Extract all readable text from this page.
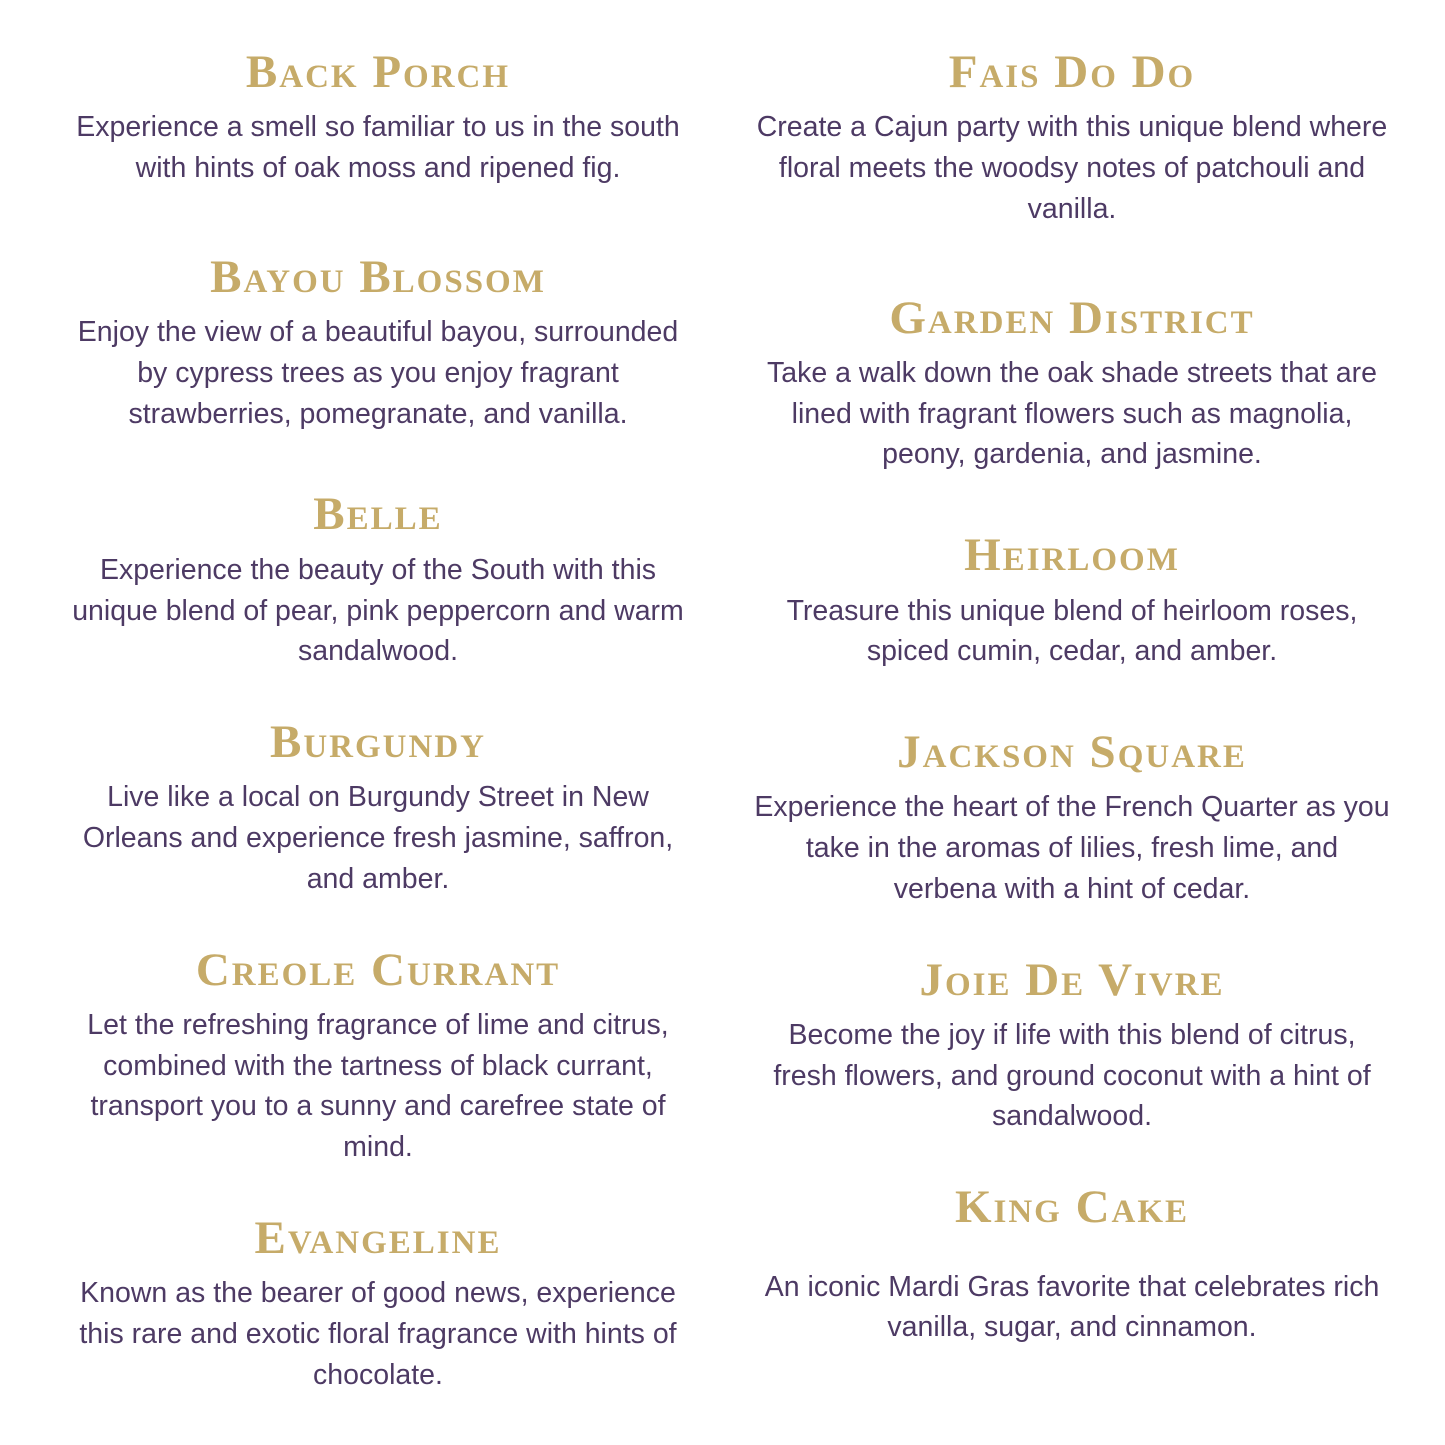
Back Porch

Experience a smell so familiar to us in the south with hints of oak moss and ripened fig.

Bayou Blossom

Enjoy the view of a beautiful bayou, surrounded by cypress trees as you enjoy fragrant strawberries, pomegranate, and vanilla.

Belle

Experience the beauty of the South with this unique blend of pear, pink peppercorn and warm sandalwood.

Burgundy

Live like a local on Burgundy Street in New Orleans and experience fresh jasmine, saffron, and amber.

Creole Currant

Let the refreshing fragrance of lime and citrus, combined with the tartness of black currant, transport you to a sunny and carefree state of mind.

Evangeline

Known as the bearer of good news, experience this rare and exotic floral fragrance with hints of chocolate.

Fais Do Do

Create a Cajun party with this unique blend where floral meets the woodsy notes of patchouli and vanilla.

Garden District

Take a walk down the oak shade streets that are lined with fragrant flowers such as magnolia, peony, gardenia, and jasmine.

Heirloom

Treasure this unique blend of heirloom roses, spiced cumin, cedar, and amber.

Jackson Square

Experience the heart of the French Quarter as you take in the aromas of lilies, fresh lime, and verbena with a hint of cedar.

Joie De Vivre

Become the joy if life with this blend of citrus, fresh flowers, and ground coconut with a hint of sandalwood.

King Cake

An iconic Mardi Gras favorite that celebrates rich vanilla, sugar, and cinnamon.
